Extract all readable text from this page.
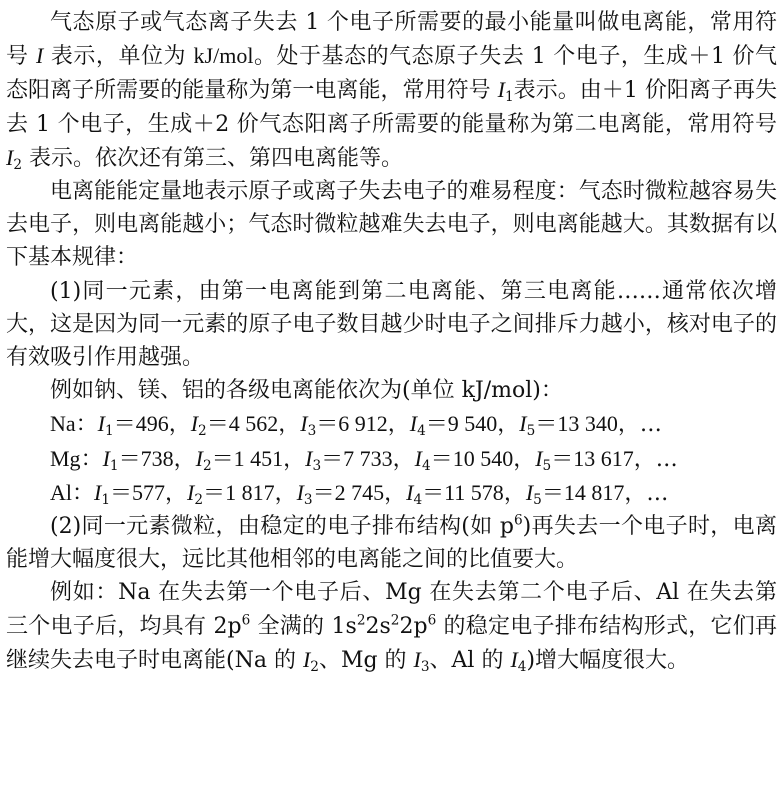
气态原子或气态离子失去 1 个电子所需要的最小能量叫做电离能，常用符号 I 表示，单位为 kJ/mol。处于基态的气态原子失去 1 个电子，生成＋1 价气态阳离子所需要的能量称为第一电离能，常用符号 $I_1$表示。由＋1 价阳离子再失去 1 个电子，生成＋2 价气态阳离子所需要的能量称为第二电离能，常用符号 $I_2$ 表示。依次还有第三、第四电离能等。

电离能能定量地表示原子或离子失去电子的难易程度：气态时微粒越容易失去电子，则电离能越小；气态时微粒越难失去电子，则电离能越大。其数据有以下基本规律：

(1)同一元素，由第一电离能到第二电离能、第三电离能……通常依次增大，这是因为同一元素的原子电子数目越少时电子之间排斥力越小，核对电子的有效吸引作用越强。

例如钠、镁、铝的各级电离能依次为(单位 kJ/mol)：

Na：$I_1=496$，$I_2=4$ 562，$I_3=6$ 912，$I_4=9$ 540，$I_5=13$ 340，…

Mg：$I_1=738$，$I_2=1$ 451，$I_3=7$ 733，$I_4=10$ 540，$I_5=13$ 617，…

Al：$I_1=577$，$I_2=1$ 817，$I_3=2$ 745，$I_4=11$ 578，$I_5=14$ 817，…

(2)同一元素微粒，由稳定的电子排布结构(如 $p^6$)再失去一个电子时，电离能增大幅度很大，远比其他相邻的电离能之间的比值要大。

例如：Na 在失去第一个电子后、Mg 在失去第二个电子后、Al 在失去第三个电子后，均具有 $2p^6$ 全满的 $1s^22s^22p^6$ 的稳定电子排布结构形式，它们再继续失去电子时电离能(Na 的 $I_2$、Mg 的 $I_3$、Al 的 $I_4$)增大幅度很大。
